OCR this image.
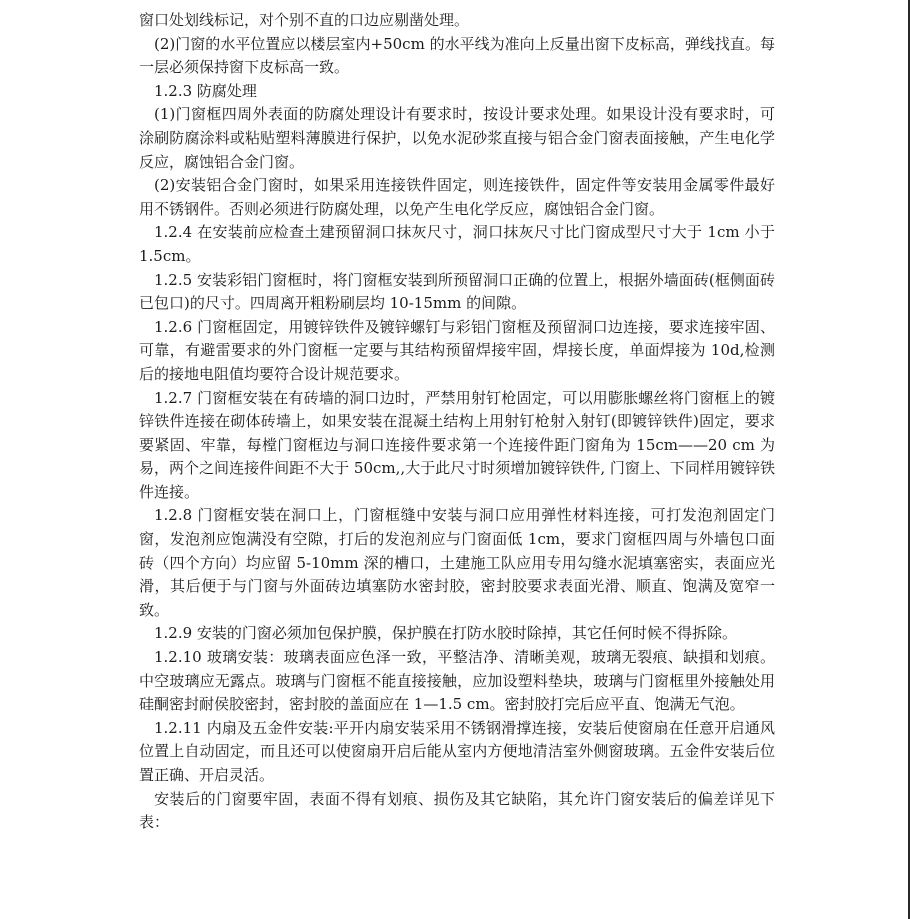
窗口处划线标记，对个别不直的口边应剔凿处理。

(2)门窗的水平位置应以楼层室内+50cm 的水平线为准向上反量出窗下皮标高，弹线找直。每一层必须保持窗下皮标高一致。

1.2.3 防腐处理

(1)门窗框四周外表面的防腐处理设计有要求时，按设计要求处理。如果设计没有要求时，可涂刷防腐涂料或粘贴塑料薄膜进行保护，以免水泥砂浆直接与铝合金门窗表面接触，产生电化学反应，腐蚀铝合金门窗。

(2)安装铝合金门窗时，如果采用连接铁件固定，则连接铁件，固定件等安装用金属零件最好用不锈钢件。否则必须进行防腐处理，以免产生电化学反应，腐蚀铝合金门窗。

1.2.4 在安装前应检查土建预留洞口抹灰尺寸，洞口抹灰尺寸比门窗成型尺寸大于 1cm 小于 1.5cm。

1.2.5 安装彩铝门窗框时，将门窗框安装到所预留洞口正确的位置上，根据外墙面砖(框侧面砖已包口)的尺寸。四周离开粗粉刷层均 10-15mm 的间隙。

1.2.6 门窗框固定，用镀锌铁件及镀锌螺钉与彩铝门窗框及预留洞口边连接，要求连接牢固、可靠，有避雷要求的外门窗框一定要与其结构预留焊接牢固，焊接长度，单面焊接为 10d,检测后的接地电阻值均要符合设计规范要求。

1.2.7 门窗框安装在有砖墙的洞口边时，严禁用射钉枪固定，可以用膨胀螺丝将门窗框上的镀锌铁件连接在砌体砖墙上，如果安装在混凝土结构上用射钉枪射入射钉(即镀锌铁件)固定，要求要紧固、牢靠，每樘门窗框边与洞口连接件要求第一个连接件距门窗角为 15cm——20 cm 为易，两个之间连接件间距不大于 50cm,,大于此尺寸时须增加镀锌铁件, 门窗上、下同样用镀锌铁件连接。

1.2.8 门窗框安装在洞口上，门窗框缝中安装与洞口应用弹性材料连接，可打发泡剂固定门窗，发泡剂应饱满没有空隙，打后的发泡剂应与门窗面低 1cm，要求门窗框四周与外墙包口面砖（四个方向）均应留 5-10mm 深的槽口，土建施工队应用专用勾缝水泥填塞密实，表面应光滑，其后便于与门窗与外面砖边填塞防水密封胶，密封胶要求表面光滑、顺直、饱满及宽窄一致。

1.2.9 安装的门窗必须加包保护膜，保护膜在打防水胶时除掉，其它任何时候不得拆除。

1.2.10 玻璃安装：玻璃表面应色泽一致，平整洁净、清晰美观，玻璃无裂痕、缺損和划痕。中空玻璃应无露点。玻璃与门窗框不能直接接触，应加设塑料垫块，玻璃与门窗框里外接触处用硅酮密封耐侯胶密封，密封胶的盖面应在 1—1.5 cm。密封胶打完后应平直、饱满无气泡。

1.2.11 内扇及五金件安装:平开内扇安装采用不锈钢滑撑连接，安装后使窗扇在任意开启通风位置上自动固定，而且还可以使窗扇开启后能从室内方便地清洁室外侧窗玻璃。五金件安装后位置正确、开启灵活。

安装后的门窗要牢固，表面不得有划痕、损伤及其它缺陷，其允许门窗安装后的偏差详见下表：
